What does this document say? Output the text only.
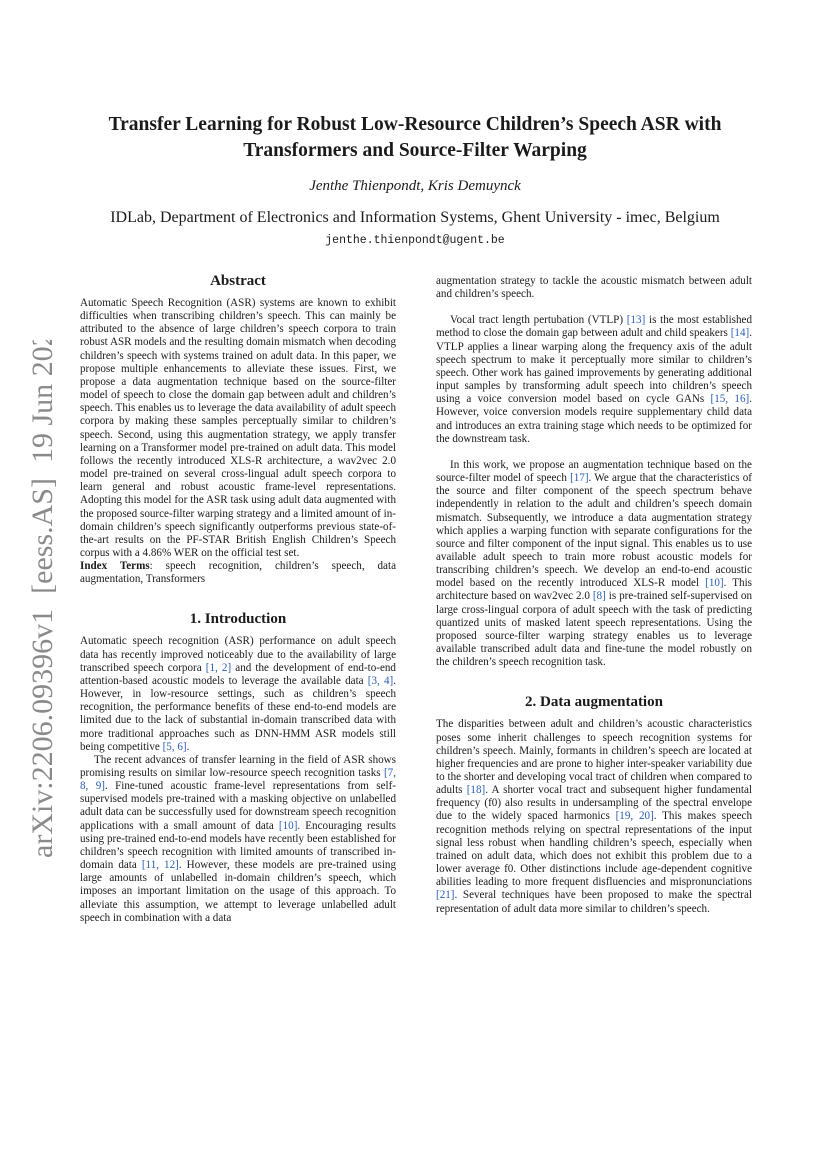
arXiv:2206.09396v1  [eess.AS]  19 Jun 2022
Transfer Learning for Robust Low-Resource Children’s Speech ASR with
Transformers and Source-Filter Warping
Jenthe Thienpondt, Kris Demuynck
IDLab, Department of Electronics and Information Systems, Ghent University - imec, Belgium
jenthe.thienpondt@ugent.be
Abstract

Automatic Speech Recognition (ASR) systems are known to exhibit difficulties when transcribing children’s speech. This can mainly be attributed to the absence of large children’s speech corpora to train robust ASR models and the resulting domain mismatch when decoding children’s speech with systems trained on adult data. In this paper, we propose multiple enhancements to alleviate these issues. First, we propose a data augmentation technique based on the source-filter model of speech to close the domain gap between adult and children’s speech. This enables us to leverage the data availability of adult speech corpora by making these samples perceptually similar to children’s speech. Second, using this augmentation strategy, we apply transfer learning on a Transformer model pre-trained on adult data. This model follows the recently introduced XLS-R architecture, a wav2vec 2.0 model pre-trained on several cross-lingual adult speech corpora to learn general and robust acoustic frame-level representations. Adopting this model for the ASR task using adult data augmented with the proposed source-filter warping strategy and a limited amount of in-domain children’s speech significantly outperforms previous state-of-the-art results on the PF-STAR British English Children’s Speech corpus with a 4.86% WER on the official test set.

Index Terms: speech recognition, children’s speech, data augmentation, Transformers

1. Introduction

Automatic speech recognition (ASR) performance on adult speech data has recently improved noticeably due to the availability of large transcribed speech corpora [1, 2] and the development of end-to-end attention-based acoustic models to leverage the available data [3, 4]. However, in low-resource settings, such as children’s speech recognition, the performance benefits of these end-to-end models are limited due to the lack of substantial in-domain transcribed data with more traditional approaches such as DNN-HMM ASR models still being competitive [5, 6].

The recent advances of transfer learning in the field of ASR shows promising results on similar low-resource speech recognition tasks [7, 8, 9]. Fine-tuned acoustic frame-level representations from self-supervised models pre-trained with a masking objective on unlabelled adult data can be successfully used for downstream speech recognition applications with a small amount of data [10]. Encouraging results using pre-trained end-to-end models have recently been established for children’s speech recognition with limited amounts of transcribed in-domain data [11, 12]. However, these models are pre-trained using large amounts of unlabelled in-domain children’s speech, which imposes an important limitation on the usage of this approach. To alleviate this assumption, we attempt to leverage unlabelled adult speech in combination with a data

augmentation strategy to tackle the acoustic mismatch between adult and children’s speech.

Vocal tract length pertubation (VTLP) [13] is the most established method to close the domain gap between adult and child speakers [14]. VTLP applies a linear warping along the frequency axis of the adult speech spectrum to make it perceptually more similar to children’s speech. Other work has gained improvements by generating additional input samples by transforming adult speech into children’s speech using a voice conversion model based on cycle GANs [15, 16]. However, voice conversion models require supplementary child data and introduces an extra training stage which needs to be optimized for the downstream task.

In this work, we propose an augmentation technique based on the source-filter model of speech [17]. We argue that the characteristics of the source and filter component of the speech spectrum behave independently in relation to the adult and children’s speech domain mismatch. Subsequently, we introduce a data augmentation strategy which applies a warping function with separate configurations for the source and filter component of the input signal. This enables us to use available adult speech to train more robust acoustic models for transcribing children’s speech. We develop an end-to-end acoustic model based on the recently introduced XLS-R model [10]. This architecture based on wav2vec 2.0 [8] is pre-trained self-supervised on large cross-lingual corpora of adult speech with the task of predicting quantized units of masked latent speech representations. Using the proposed source-filter warping strategy enables us to leverage available transcribed adult data and fine-tune the model robustly on the children’s speech recognition task.

2. Data augmentation

The disparities between adult and children’s acoustic characteristics poses some inherit challenges to speech recognition systems for children’s speech. Mainly, formants in children’s speech are located at higher frequencies and are prone to higher inter-speaker variability due to the shorter and developing vocal tract of children when compared to adults [18]. A shorter vocal tract and subsequent higher fundamental frequency (f0) also results in undersampling of the spectral envelope due to the widely spaced harmonics [19, 20]. This makes speech recognition methods relying on spectral representations of the input signal less robust when handling children’s speech, especially when trained on adult data, which does not exhibit this problem due to a lower average f0. Other distinctions include age-dependent cognitive abilities leading to more frequent disfluencies and mispronunciations [21]. Several techniques have been proposed to make the spectral representation of adult data more similar to children’s speech.
